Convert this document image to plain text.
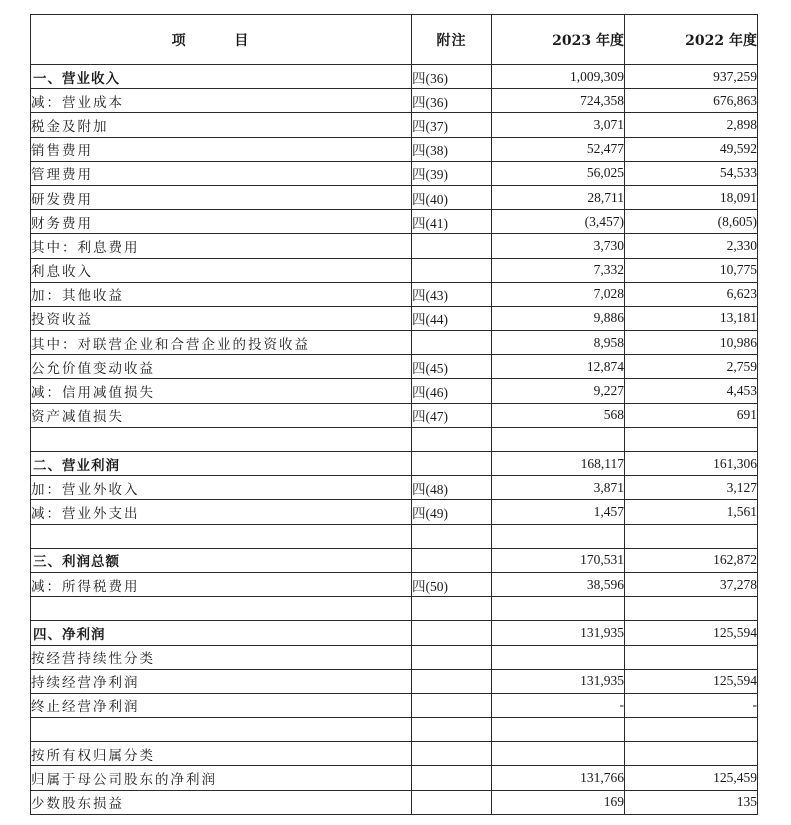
项 目	附注	2023 年度	2022 年度
一、营业收入	四(36)	1,009,309	937,259
减：营业成本	四(36)	724,358	676,863
税金及附加	四(37)	3,071	2,898
销售费用	四(38)	52,477	49,592
管理费用	四(39)	56,025	54,533
研发费用	四(40)	28,711	18,091
财务费用	四(41)	(3,457)	(8,605)
其中：利息费用		3,730	2,330
利息收入		7,332	10,775
加：其他收益	四(43)	7,028	6,623
投资收益	四(44)	9,886	13,181
其中：对联营企业和合营企业的投资收益		8,958	10,986
公允价值变动收益	四(45)	12,874	2,759
减：信用减值损失	四(46)	9,227	4,453
资产减值损失	四(47)	568	691

二、营业利润		168,117	161,306
加：营业外收入	四(48)	3,871	3,127
减：营业外支出	四(49)	1,457	1,561

三、利润总额		170,531	162,872
减：所得税费用	四(50)	38,596	37,278

四、净利润		131,935	125,594
按经营持续性分类			
持续经营净利润		131,935	125,594
终止经营净利润		-	-

按所有权归属分类			
归属于母公司股东的净利润		131,766	125,459
少数股东损益		169	135
